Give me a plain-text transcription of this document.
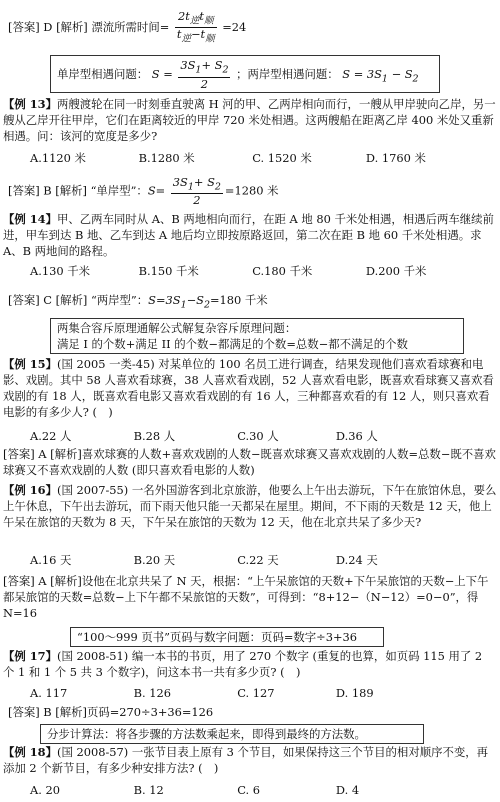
[答案] D [解析] 漂流所需时间= $\frac{2t_逆t_顺}{t_逆-t_顺} =24$
单岸型相遇问题： $S = \frac{3S_1+ S_2}{2}$ ；两岸型相遇问题： $S = 3S_1 - S_2$
【例 13】两艘渡轮在同一时刻垂直驶离 H 河的甲、乙两岸相向而行，一艘从甲岸驶向乙岸，另一艘从乙岸开往甲岸，它们在距离较近的甲岸 720 米处相遇。这两艘船在距离乙岸 400 米处又重新相遇。问：该河的宽度是多少?
A.1120 米	B.1280 米	C. 1520 米	D. 1760 米
[答案] B [解析] “单岸型”：$S= \frac{3S_1+ S_2}{2} =1280$ 米
【例 14】甲、乙两车同时从 A、B 两地相向而行，在距 A 地 80 千米处相遇，相遇后两车继续前进，甲车到达 B 地、乙车到达 A 地后均立即按原路返回，第二次在距 B 地 60 千米处相遇。求 A、B 两地间的路程。
A.130 千米	B.150 千米	C.180 千米	D.200 千米
[答案] C [解析] “两岸型”：$S=3S_1-S_2=180$ 千米
两集合容斥原理通解公式解复杂容斥原理问题：
满足 I 的个数+满足 II 的个数−都满足的个数=总数−都不满足的个数
【例 15】(国 2005 一类-45) 对某单位的 100 名员工进行调查，结果发现他们喜欢看球赛和电影、戏剧。其中 58 人喜欢看球赛，38 人喜欢看戏剧，52 人喜欢看电影，既喜欢看球赛又喜欢看戏剧的有 18 人，既喜欢看电影又喜欢看戏剧的有 16 人，三种都喜欢看的有 12 人，则只喜欢看电影的有多少人? (　)
A.22 人	B.28 人	C.30 人	D.36 人
[答案] A [解析]喜欢球赛的人数+喜欢戏剧的人数−既喜欢球赛又喜欢戏剧的人数=总数−既不喜欢球赛又不喜欢戏剧的人数 (即只喜欢看电影的人数)
【例 16】(国 2007-55) 一名外国游客到北京旅游，他要么上午出去游玩，下午在旅馆休息，要么上午休息，下午出去游玩，而下雨天他只能一天都呆在屋里。期间，不下雨的天数是 12 天，他上午呆在旅馆的天数为 8 天，下午呆在旅馆的天数为 12 天，他在北京共呆了多少天?
A.16 天	B.20 天	C.22 天	D.24 天
[答案] A [解析]设他在北京共呆了 N 天，根据：“上午呆旅馆的天数+下午呆旅馆的天数−上下午都呆旅馆的天数=总数−上下午都不呆旅馆的天数”，可得到：“8+12−（N−12）=0−0”，得 N=16
“100～999 页书”页码与数字问题：页码=数字÷3+36
【例 17】(国 2008-51) 编一本书的书页，用了 270 个数字 (重复的也算，如页码 115 用了 2 个 1 和 1 个 5 共 3 个数字)，问这本书一共有多少页? (　)
A. 117	B. 126	C. 127	D. 189
[答案] B [解析]页码=270÷3+36=126
分步计算法：将各步骤的方法数乘起来，即得到最终的方法数。
【例 18】(国 2008-57) 一张节目表上原有 3 个节目，如果保持这三个节目的相对顺序不变，再添加 2 个新节目，有多少种安排方法? (　)
A. 20	B. 12	C. 6	D. 4
